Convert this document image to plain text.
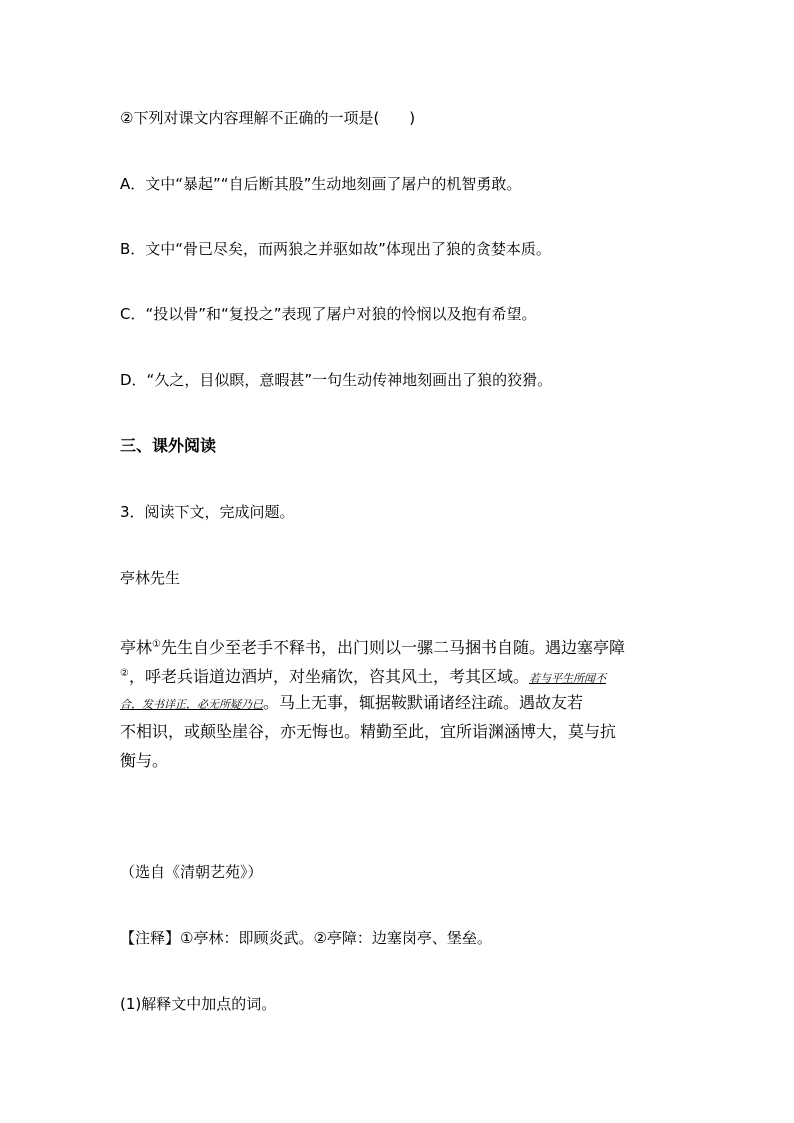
②下列对课文内容理解不正确的一项是(　　)
A．文中“暴起”“自后断其股”生动地刻画了屠户的机智勇敢。
B．文中“骨已尽矣，而两狼之并驱如故”体现出了狼的贪婪本质。
C．“投以骨”和“复投之”表现了屠户对狼的怜悯以及抱有希望。
D．“久之，目似瞑，意暇甚”一句生动传神地刻画出了狼的狡猾。
三、课外阅读
3．阅读下文，完成问题。
亭林先生
亭林①先生自少至老手不释书，出门则以一骡二马捆书自随。遇边塞亭障
②，呼老兵诣道边酒垆，对坐痛饮，咨其风土，考其区域。若与平生所闻不
合，发书详正，必无所疑乃已。马上无事，辄据鞍默诵诸经注疏。遇故友若
不相识，或颠坠崖谷，亦无悔也。精勤至此，宜所诣渊涵博大，莫与抗
衡与。
（选自《清朝艺苑》）
【注释】①亭林：即顾炎武。②亭障：边塞岗亭、堡垒。
(1)解释文中加点的词。
